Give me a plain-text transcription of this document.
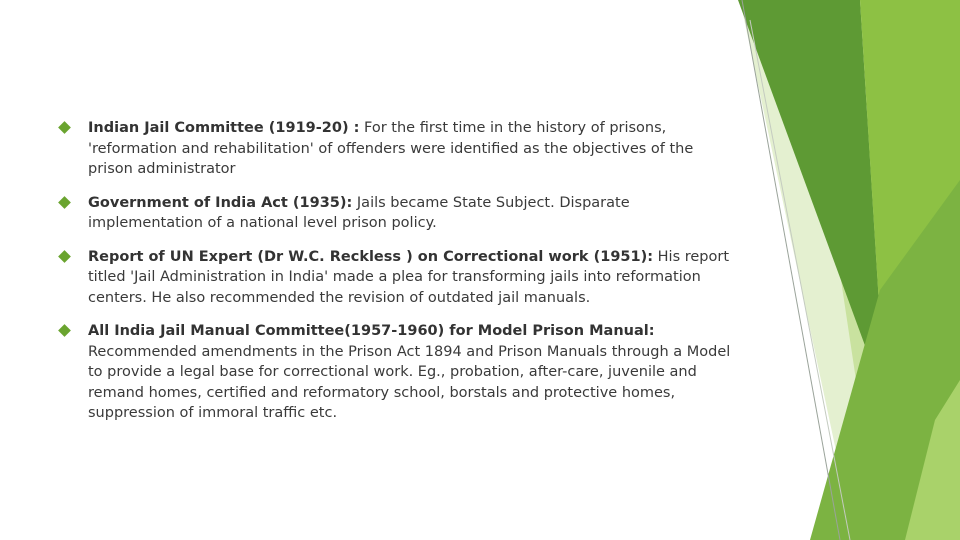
Indian Jail Committee (1919-20) : For the first time in the history of prisons, 'reformation and rehabilitation' of offenders were identified as the objectives of the prison administrator
Government of India Act (1935): Jails became State Subject. Disparate implementation of a national level prison policy.
Report of UN Expert (Dr W.C. Reckless ) on Correctional work (1951): His report titled 'Jail Administration in India' made a plea for transforming jails into reformation centers. He also recommended the revision of outdated jail manuals.
All India Jail Manual Committee(1957-1960) for Model Prison Manual: Recommended amendments in the Prison Act 1894 and Prison Manuals through a Model to provide a legal base for correctional work. Eg., probation, after-care, juvenile and remand homes, certified and reformatory school, borstals and protective homes, suppression of immoral traffic etc.
